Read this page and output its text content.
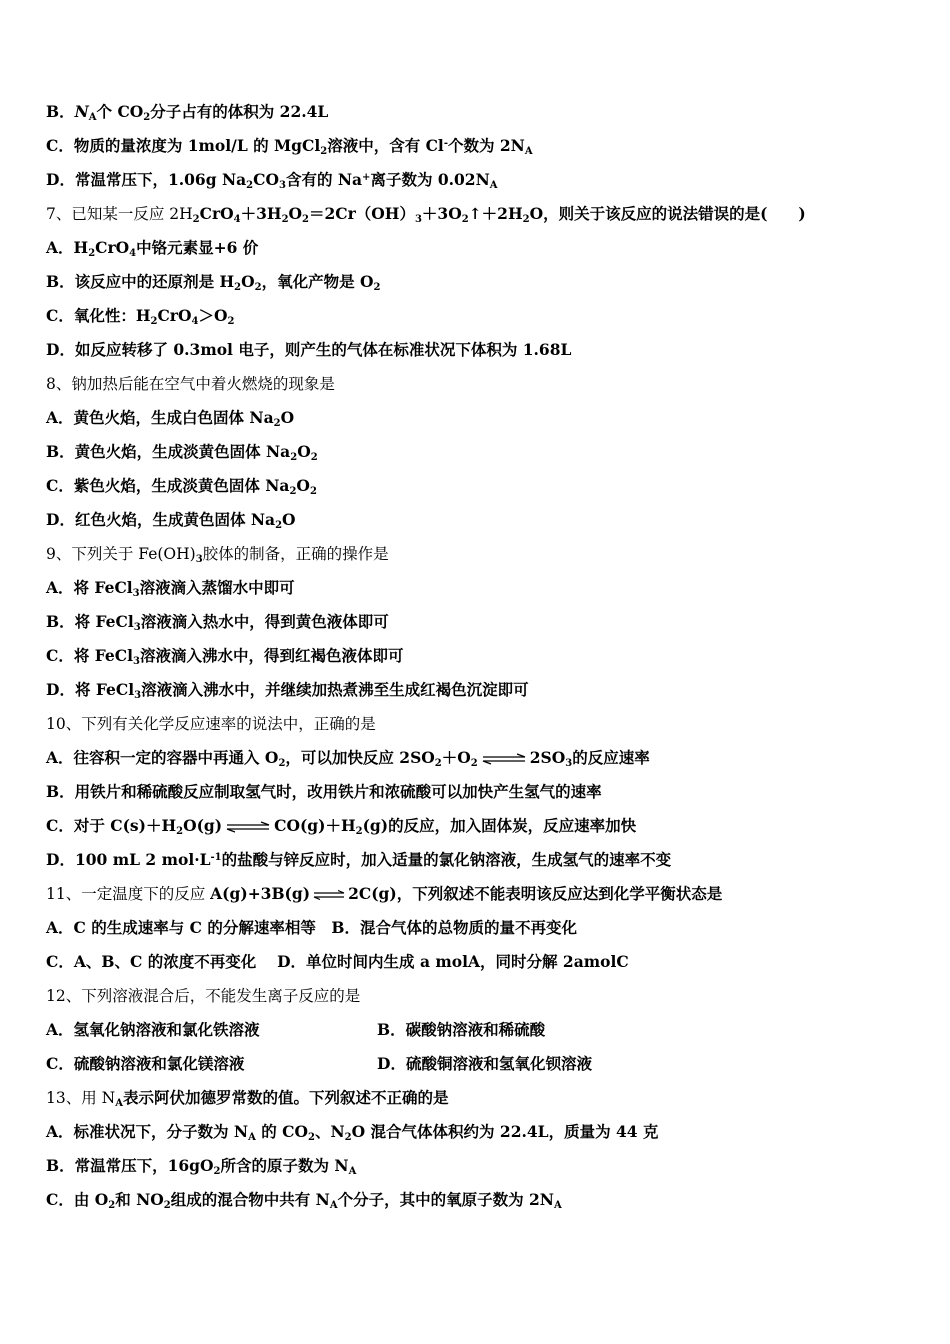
B．$N_A$个 $CO_2$分子占有的体积为 22.4L
C．物质的量浓度为 1mol/L 的 MgCl$_2$溶液中，含有 Cl-个数为 $2N_A$
D．常温常压下，1.06g $Na_2CO_3$含有的 Na+离子数为 $0.02N_A$
7、已知某一反应 $2H_2CrO_4+3H_2O_2=2Cr(OH)_3+3O_2↑+2H_2O$，则关于该反应的说法错误的是(　　)
A．$H_2CrO_4$中铬元素显+6 价
B．该反应中的还原剂是 $H_2O_2$，氧化产物是 $O_2$
C．氧化性：$H_2CrO_4>O_2$
D．如反应转移了 0.3mol 电子，则产生的气体在标准状况下体积为 1.68L
8、钠加热后能在空气中着火燃烧的现象是
A．黄色火焰，生成白色固体 $Na_2O$
B．黄色火焰，生成淡黄色固体 $Na_2O_2$
C．紫色火焰，生成淡黄色固体 $Na_2O_2$
D．红色火焰，生成黄色固体 $Na_2O$
9、下列关于 $Fe(OH)_3$胶体的制备，正确的操作是
A．将 FeCl$_3$溶液滴入蒸馏水中即可
B．将 FeCl$_3$溶液滴入热水中，得到黄色液体即可
C．将 FeCl$_3$溶液滴入沸水中，得到红褐色液体即可
D．将 FeCl$_3$溶液滴入沸水中，并继续加热煮沸至生成红褐色沉淀即可
10、下列有关化学反应速率的说法中，正确的是
A．往容积一定的容器中再通入 $O_2$，可以加快反应 $2SO_2+O_2$ ⇌ $2SO_3$的反应速率
B．用铁片和稀硫酸反应制取氢气时，改用铁片和浓硫酸可以加快产生氢气的速率
C．对于 $C(s)+H_2O(g)$ ⇌ $CO(g)+H_2(g)$的反应，加入固体炭，反应速率加快
D．100 mL 2 $mol\cdot L^{-1}$的盐酸与锌反应时，加入适量的氯化钠溶液，生成氢气的速率不变
11、一定温度下的反应 A(g)+3B(g) ⇌ 2C(g)，下列叙述不能表明该反应达到化学平衡状态是
A．C 的生成速率与 C 的分解速率相等　B．混合气体的总物质的量不再变化
C．A、B、C 的浓度不再变化　 D．单位时间内生成 a molA，同时分解 2amolC
12、下列溶液混合后，不能发生离子反应的是
A．氢氧化钠溶液和氯化铁溶液	B．碳酸钠溶液和稀硫酸
C．硫酸钠溶液和氯化镁溶液	D．硫酸铜溶液和氢氧化钡溶液
13、用 $N_A$表示阿伏加德罗常数的值。下列叙述不正确的是
A．标准状况下，分子数为 $N_A$ 的 $CO_2$、$N_2O$ 混合气体体积约为 22.4L，质量为 44 克
B．常温常压下，$16gO_2$所含的原子数为 $N_A$
C．由 $O_2$和 $NO_2$组成的混合物中共有 $N_A$个分子，其中的氧原子数为 $2N_A$
